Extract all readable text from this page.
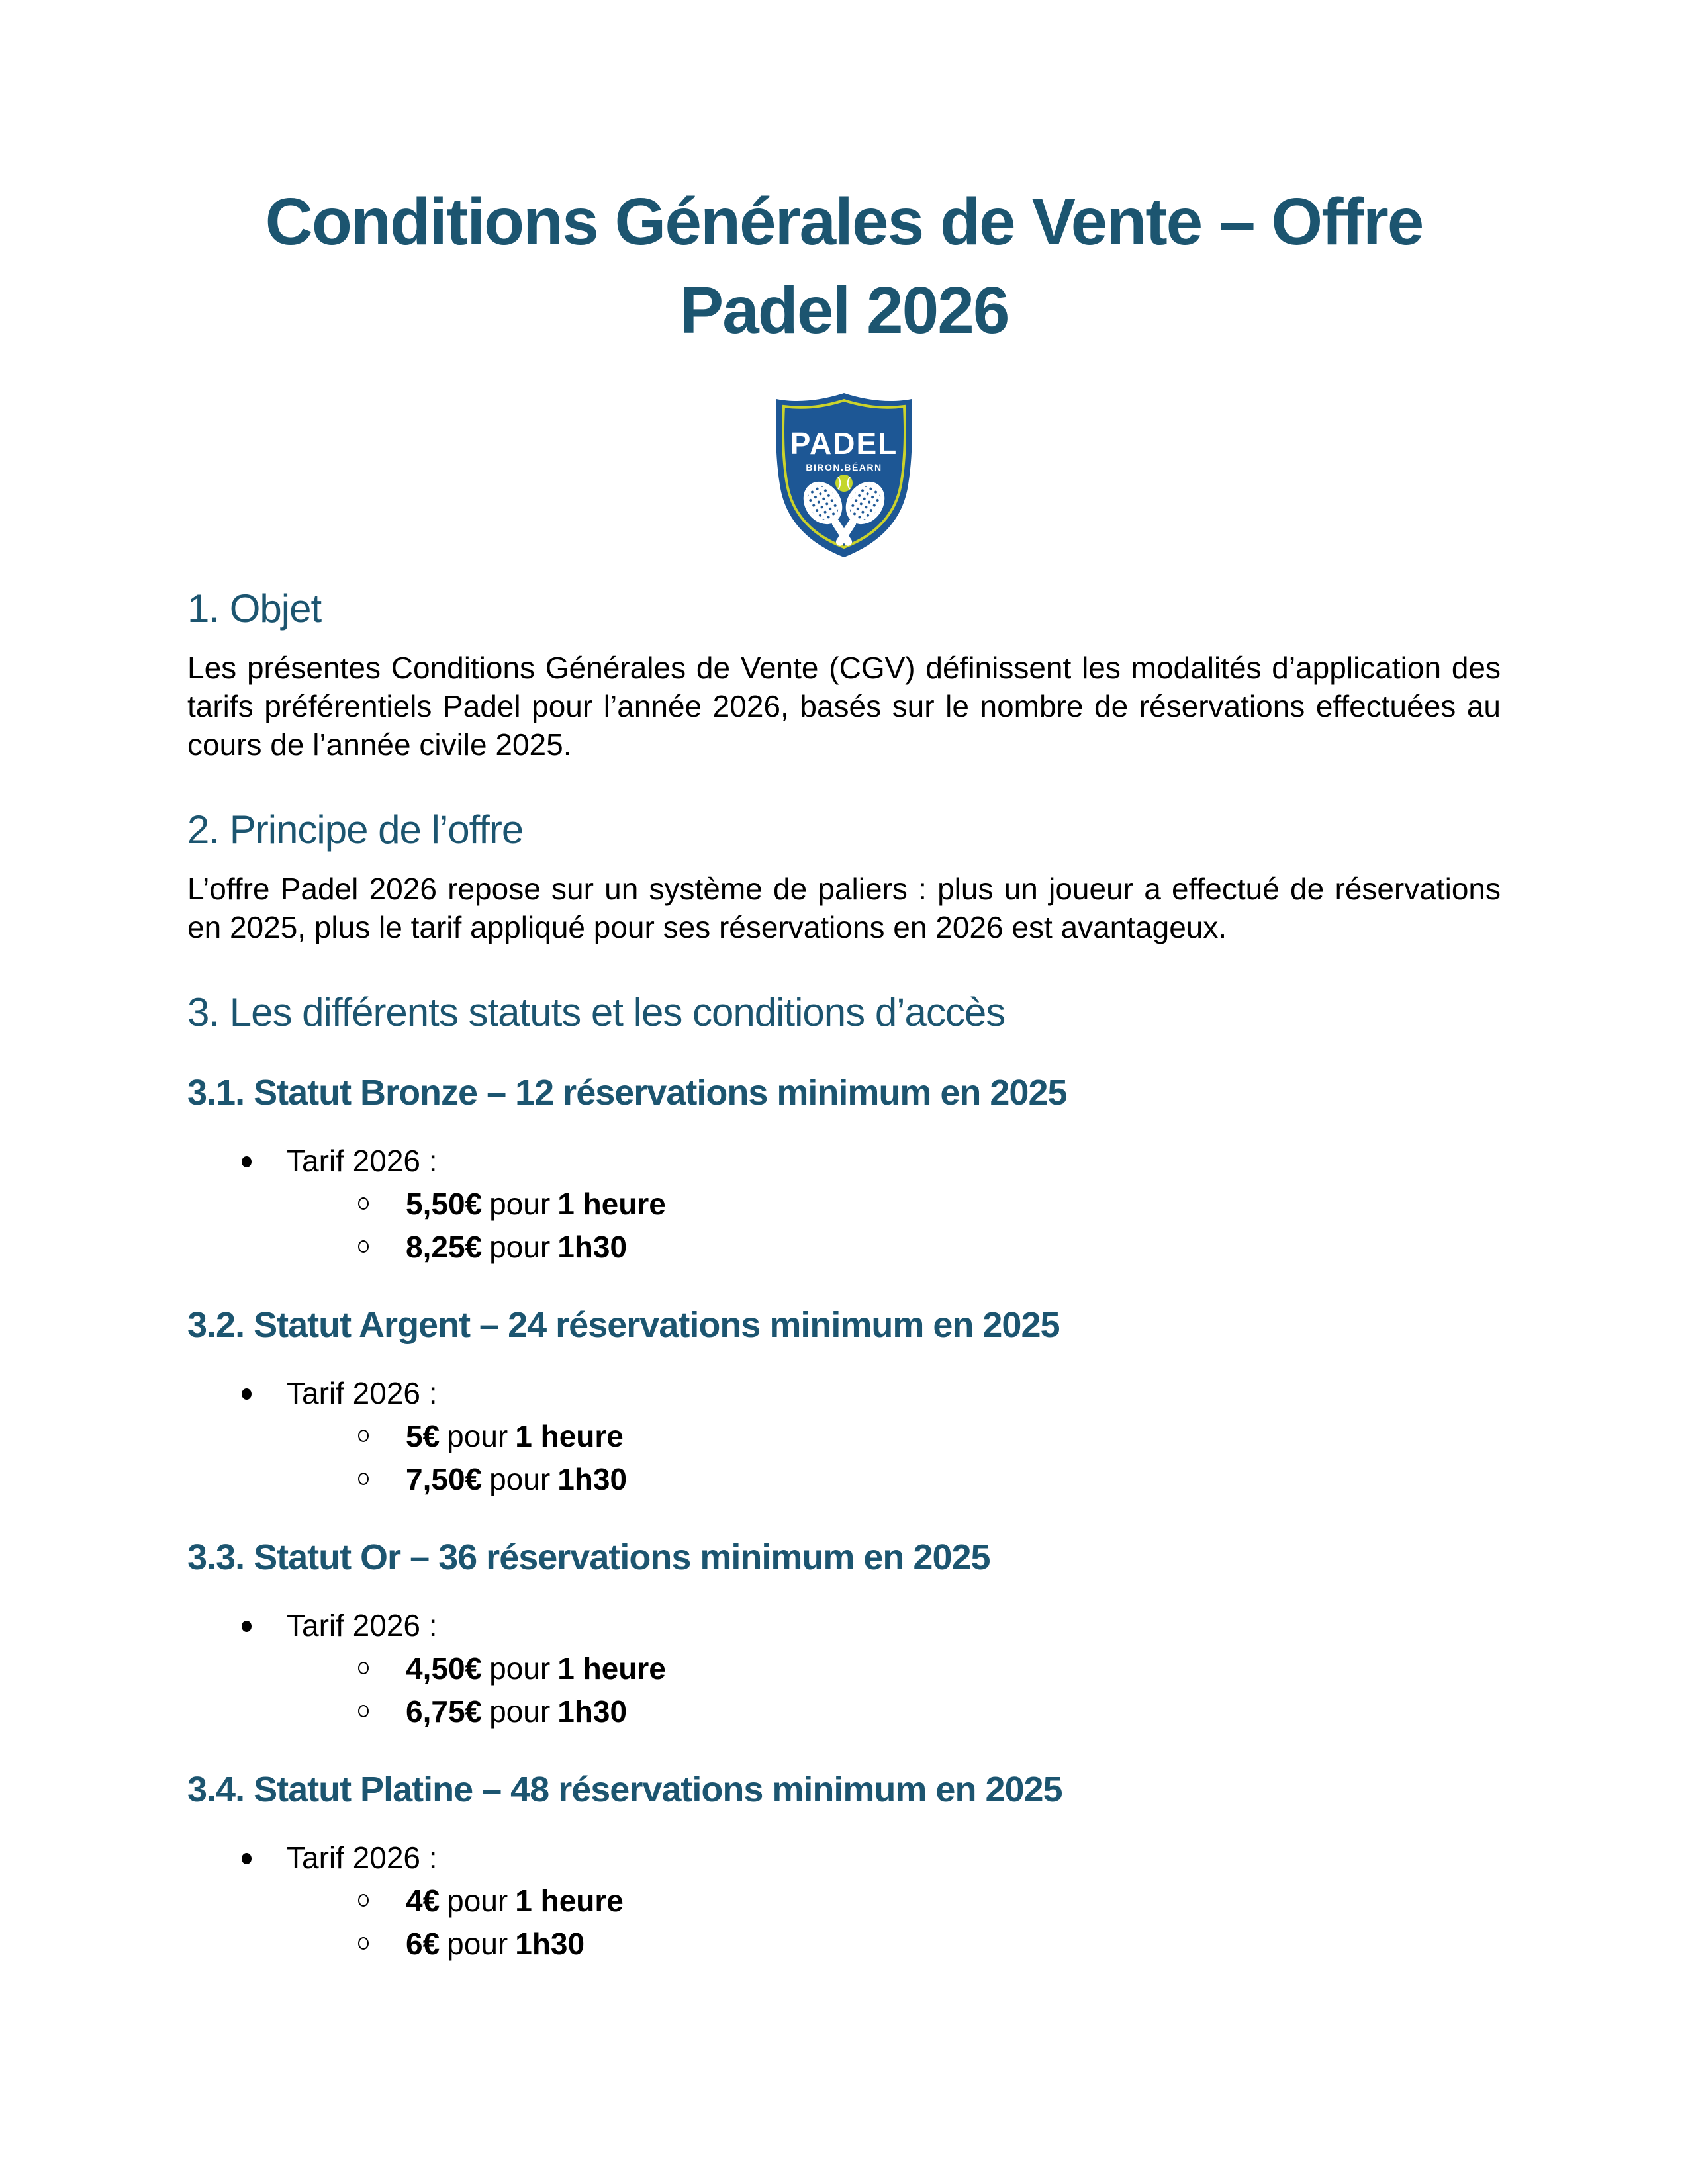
Conditions Générales de Vente – Offre
Padel 2026
PADEL
BIRON.BÉARN
1. Objet

Les présentes Conditions Générales de Vente (CGV) définissent les modalités d’application des tarifs préférentiels Padel pour l’année 2026, basés sur le nombre de réservations effectuées au cours de l’année civile 2025.

2. Principe de l’offre

L’offre Padel 2026 repose sur un système de paliers : plus un joueur a effectué de réservations en 2025, plus le tarif appliqué pour ses réservations en 2026 est avantageux.

3. Les différents statuts et les conditions d’accès
3.1. Statut Bronze – 12 réservations minimum en 2025
Tarif 2026 :
5,50€ pour 1 heure
8,25€ pour 1h30
3.2. Statut Argent – 24 réservations minimum en 2025
Tarif 2026 :
5€ pour 1 heure
7,50€ pour 1h30
3.3. Statut Or – 36 réservations minimum en 2025
Tarif 2026 :
4,50€ pour 1 heure
6,75€ pour 1h30
3.4. Statut Platine – 48 réservations minimum en 2025
Tarif 2026 :
4€ pour 1 heure
6€ pour 1h30
